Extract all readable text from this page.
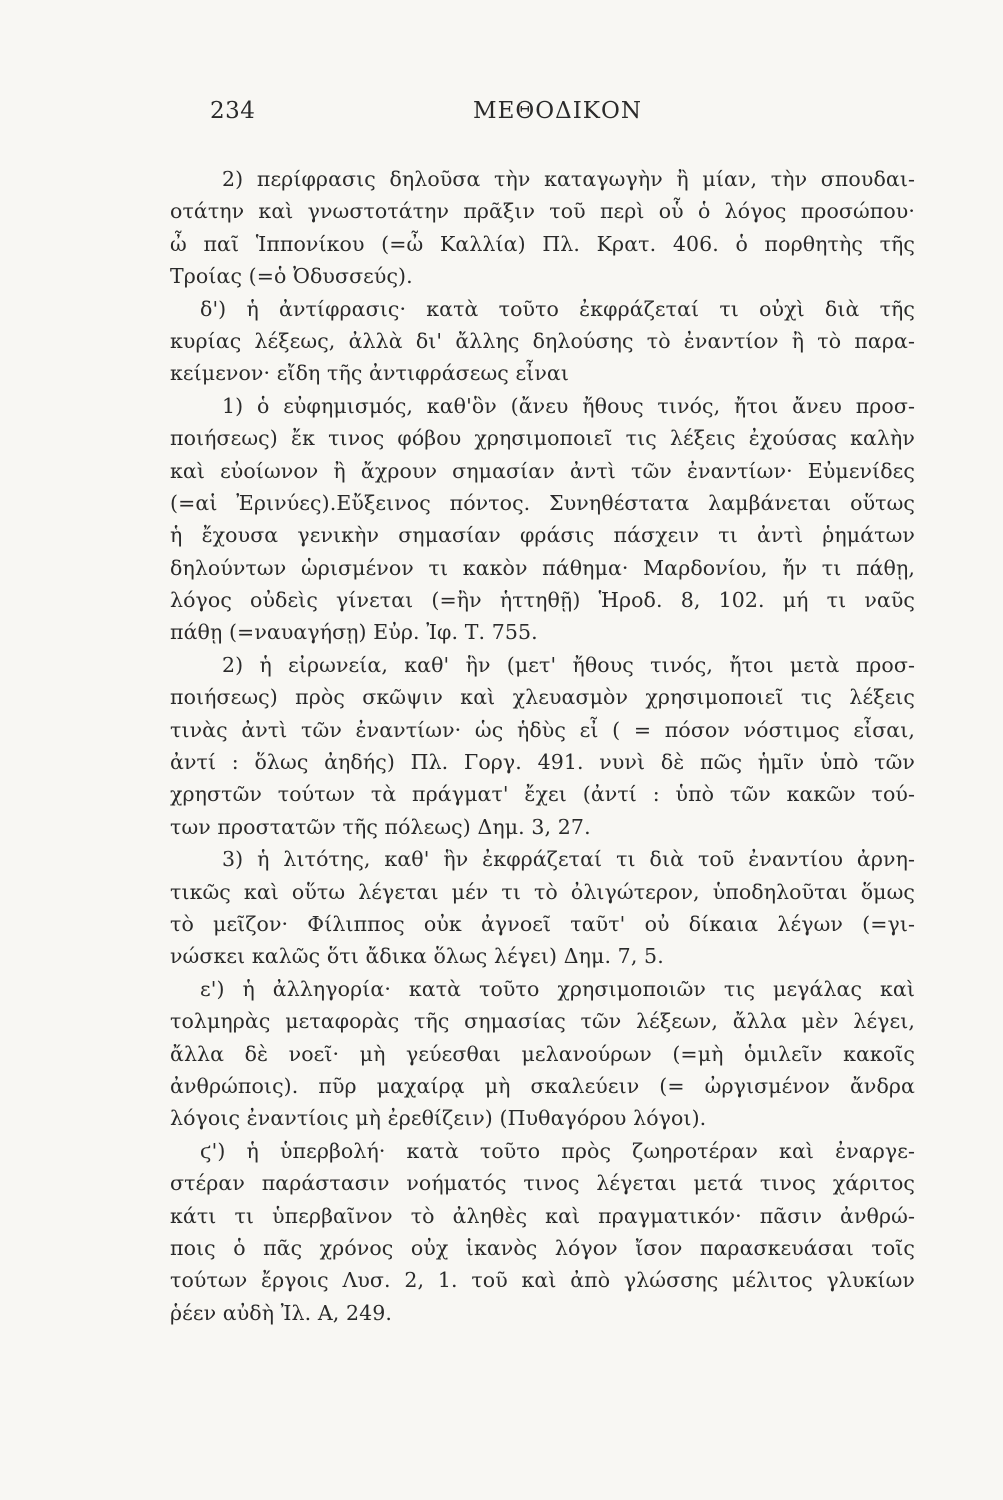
234	ΜΕΘΟΔΙΚΟΝ
2) περίφρασις δηλοῦσα τὴν καταγωγὴν ἢ μίαν, τὴν σπουδαι-
οτάτην καὶ γνωστοτάτην πρᾶξιν τοῦ περὶ οὗ ὁ λόγος προσώπου·
ὦ παῖ Ἱππονίκου (=ὦ Καλλία) Πλ. Κρατ. 406. ὁ πορθητὴς τῆς
Τροίας (=ὁ Ὀδυσσεύς).
δ') ἡ ἀντίφρασις· κατὰ τοῦτο ἐκφράζεταί τι οὐχὶ διὰ τῆς
κυρίας λέξεως, ἀλλὰ δι' ἄλλης δηλούσης τὸ ἐναντίον ἢ τὸ παρα-
κείμενον· εἴδη τῆς ἀντιφράσεως εἶναι
1) ὁ εὐφημισμός, καθ'ὃν (ἄνευ ἤθους τινός, ἤτοι ἄνευ προσ-
ποιήσεως) ἔκ τινος φόβου χρησιμοποιεῖ τις λέξεις ἐχούσας καλὴν
καὶ εὐοίωνον ἢ ἄχρουν σημασίαν ἀντὶ τῶν ἐναντίων· Εὐμενίδες
(=αἱ Ἐρινύες).Εὔξεινος πόντος. Συνηθέστατα λαμβάνεται οὕτως
ἡ ἔχουσα γενικὴν σημασίαν φράσις πάσχειν τι ἀντὶ ῥημάτων
δηλούντων ὡρισμένον τι κακὸν πάθημα· Μαρδονίου, ἤν τι πάθῃ,
λόγος οὐδεὶς γίνεται (=ἢν ἡττηθῇ) Ἡροδ. 8, 102. μή τι ναῦς
πάθῃ (=ναυαγήσῃ) Εὐρ. Ἰφ. Τ. 755.
2) ἡ εἰρωνεία, καθ' ἣν (μετ' ἤθους τινός, ἤτοι μετὰ προσ-
ποιήσεως) πρὸς σκῶψιν καὶ χλευασμὸν χρησιμοποιεῖ τις λέξεις
τινὰς ἀντὶ τῶν ἐναντίων· ὡς ἡδὺς εἶ ( = πόσον νόστιμος εἶσαι,
ἀντί : ὅλως ἀηδής) Πλ. Γοργ. 491. νυνὶ δὲ πῶς ἡμῖν ὑπὸ τῶν
χρηστῶν τούτων τὰ πράγματ' ἔχει (ἀντί : ὑπὸ τῶν κακῶν τού-
των προστατῶν τῆς πόλεως) Δημ. 3, 27.
3) ἡ λιτότης, καθ' ἣν ἐκφράζεταί τι διὰ τοῦ ἐναντίου ἀρνη-
τικῶς καὶ οὕτω λέγεται μέν τι τὸ ὀλιγώτερον, ὑποδηλοῦται ὅμως
τὸ μεῖζον· Φίλιππος οὐκ ἀγνοεῖ ταῦτ' οὐ δίκαια λέγων (=γι-
νώσκει καλῶς ὅτι ἄδικα ὅλως λέγει) Δημ. 7, 5.
ε') ἡ ἀλληγορία· κατὰ τοῦτο χρησιμοποιῶν τις μεγάλας καὶ
τολμηρὰς μεταφορὰς τῆς σημασίας τῶν λέξεων, ἄλλα μὲν λέγει,
ἄλλα δὲ νοεῖ· μὴ γεύεσθαι μελανούρων (=μὴ ὁμιλεῖν κακοῖς
ἀνθρώποις). πῦρ μαχαίρᾳ μὴ σκαλεύειν (= ὠργισμένον ἄνδρα
λόγοις ἐναντίοις μὴ ἐρεθίζειν) (Πυθαγόρου λόγοι).
ϛ') ἡ ὑπερβολή· κατὰ τοῦτο πρὸς ζωηροτέραν καὶ ἐναργε-
στέραν παράστασιν νοήματός τινος λέγεται μετά τινος χάριτος
κάτι τι ὑπερβαῖνον τὸ ἀληθὲς καὶ πραγματικόν· πᾶσιν ἀνθρώ-
ποις ὁ πᾶς χρόνος οὐχ ἱκανὸς λόγον ἴσον παρασκευάσαι τοῖς
τούτων ἔργοις Λυσ. 2, 1. τοῦ καὶ ἀπὸ γλώσσης μέλιτος γλυκίων
ῥέεν αὐδὴ Ἰλ. Α, 249.
